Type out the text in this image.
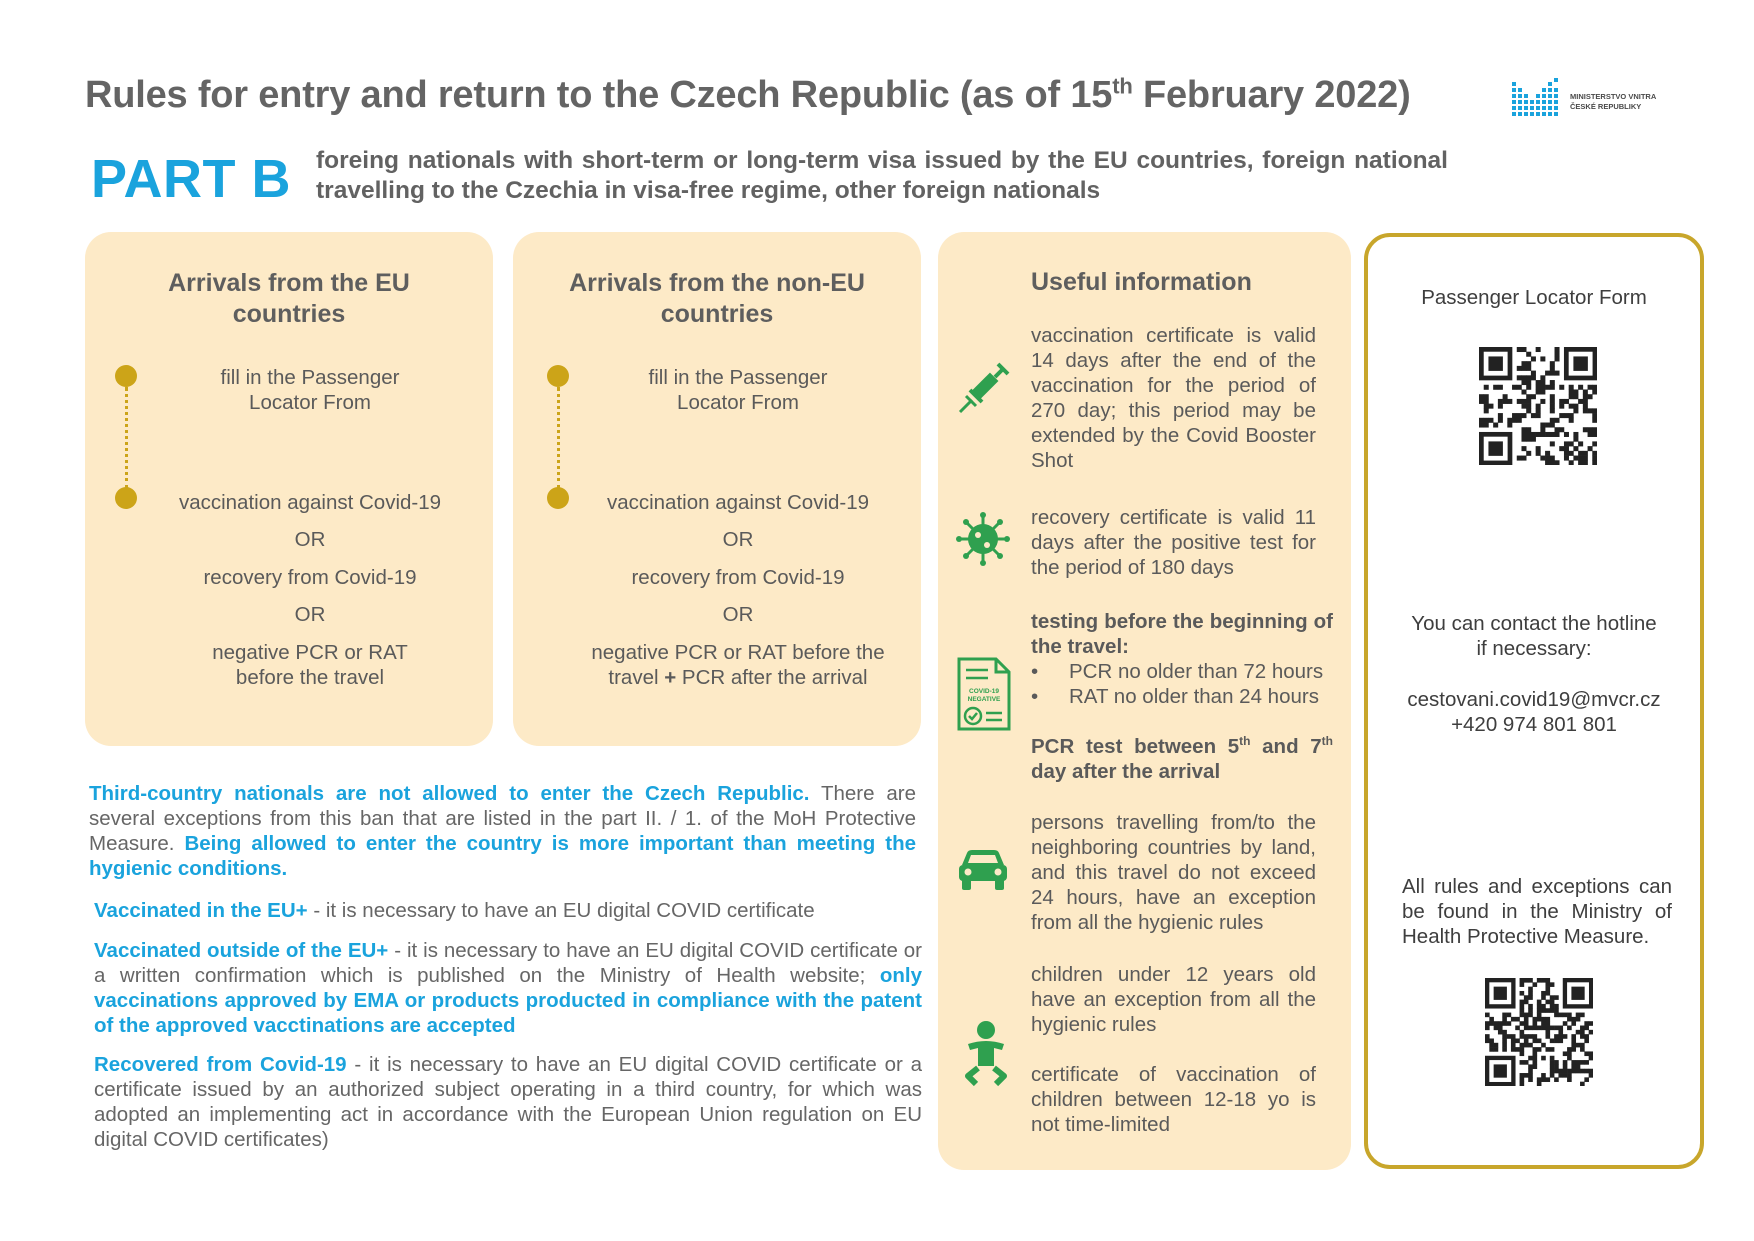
Rules for entry and return to the Czech Republic (as of 15th February 2022)	MINISTERSTVO VNITRA
ČESKÉ REPUBLIKY
PART B foreing nationals with short-term or long-term visa issued by the EU countries, foreign national travelling to the Czechia in visa-free regime, other foreign nationals
Arrivals from the EU countries
fill in the Passenger Locator From
vaccination against Covid-19
OR
recovery from Covid-19
OR
negative PCR or RAT before the travel
Arrivals from the non-EU countries
fill in the Passenger Locator From
vaccination against Covid-19
OR
recovery from Covid-19
OR
negative PCR or RAT before the travel + PCR after the arrival
Useful information
vaccination certificate is valid 14 days after the end of the vaccination for the period of 270 day; this period may be extended by the Covid Booster Shot
recovery certificate is valid 11 days after the positive test for the period of 180 days
COVID-19
NEGATIVE
testing before the beginning of the travel:
• PCR no older than 72 hours
• RAT no older than 24 hours
PCR test between 5th and 7th day after the arrival
persons travelling from/to the neighboring countries by land, and this travel do not exceed 24 hours, have an exception from all the hygienic rules
children under 12 years old have an exception from all the hygienic rules
certificate of vaccination of children between 12-18 yo is not time-limited
Passenger Locator Form
You can contact the hotline if necessary:
cestovani.covid19@mvcr.cz
+420 974 801 801
All rules and exceptions can be found in the Ministry of Health Protective Measure.
Third-country nationals are not allowed to enter the Czech Republic. There are several exceptions from this ban that are listed in the part II. / 1. of the MoH Protective Measure. Being allowed to enter the country is more important than meeting the hygienic conditions.
Vaccinated in the EU+ - it is necessary to have an EU digital COVID certificate
Vaccinated outside of the EU+ - it is necessary to have an EU digital COVID certificate or a written confirmation which is published on the Ministry of Health website; only vaccinations approved by EMA or products producted in compliance with the patent of the approved vacctinations are accepted
Recovered from Covid-19 - it is necessary to have an EU digital COVID certificate or a certificate issued by an authorized subject operating in a third country, for which was adopted an implementing act in accordance with the European Union regulation on EU digital COVID certificates)
